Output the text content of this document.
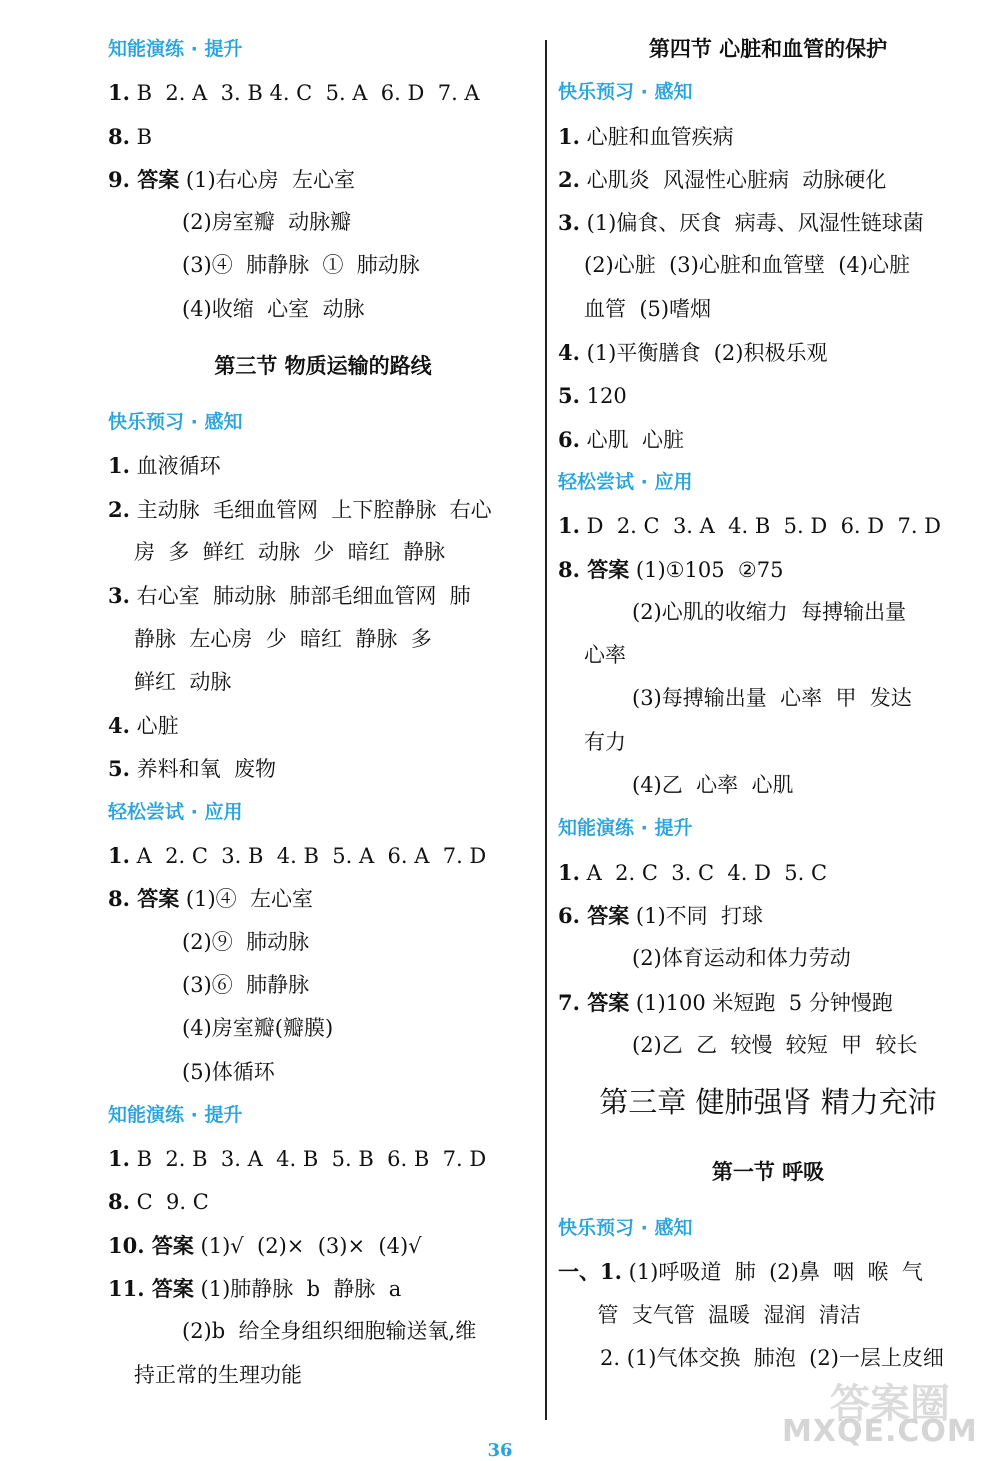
知能演练 · 提升
1. B  2. A  3. B 4. C  5. A  6. D  7. A
8. B
9. 答案 (1)右心房  左心室
(2)房室瓣  动脉瓣
(3)④  肺静脉  ①  肺动脉
(4)收缩  心室  动脉
第三节 物质运输的路线
快乐预习 · 感知
1. 血液循环
2. 主动脉  毛细血管网  上下腔静脉  右心
房  多  鲜红  动脉  少  暗红  静脉
3. 右心室  肺动脉  肺部毛细血管网  肺
静脉  左心房  少  暗红  静脉  多
鲜红  动脉
4. 心脏
5. 养料和氧  废物
轻松尝试 · 应用
1. A  2. C  3. B  4. B  5. A  6. A  7. D
8. 答案 (1)④  左心室
(2)⑨  肺动脉
(3)⑥  肺静脉
(4)房室瓣(瓣膜)
(5)体循环
知能演练 · 提升
1. B  2. B  3. A  4. B  5. B  6. B  7. D
8. C  9. C
10. 答案 (1)√  (2)×  (3)×  (4)√
11. 答案 (1)肺静脉  b  静脉  a
(2)b  给全身组织细胞输送氧,维
持正常的生理功能
第四节 心脏和血管的保护
快乐预习 · 感知
1. 心脏和血管疾病
2. 心肌炎  风湿性心脏病  动脉硬化
3. (1)偏食、厌食  病毒、风湿性链球菌
(2)心脏  (3)心脏和血管壁  (4)心脏
血管  (5)嗜烟
4. (1)平衡膳食  (2)积极乐观
5. 120
6. 心肌  心脏
轻松尝试 · 应用
1. D  2. C  3. A  4. B  5. D  6. D  7. D
8. 答案 (1)①105  ②75
(2)心肌的收缩力  每搏输出量
心率
(3)每搏输出量  心率  甲  发达
有力
(4)乙  心率  心肌
知能演练 · 提升
1. A  2. C  3. C  4. D  5. C
6. 答案 (1)不同  打球
(2)体育运动和体力劳动
7. 答案 (1)100 米短跑  5 分钟慢跑
(2)乙  乙  较慢  较短  甲  较长
第三章 健肺强肾 精力充沛
第一节 呼吸
快乐预习 · 感知
一、1. (1)呼吸道  肺  (2)鼻  咽  喉  气
管  支气管  温暖  湿润  清洁
2. (1)气体交换  肺泡  (2)一层上皮细
36
答案圈
MXQE.COM
